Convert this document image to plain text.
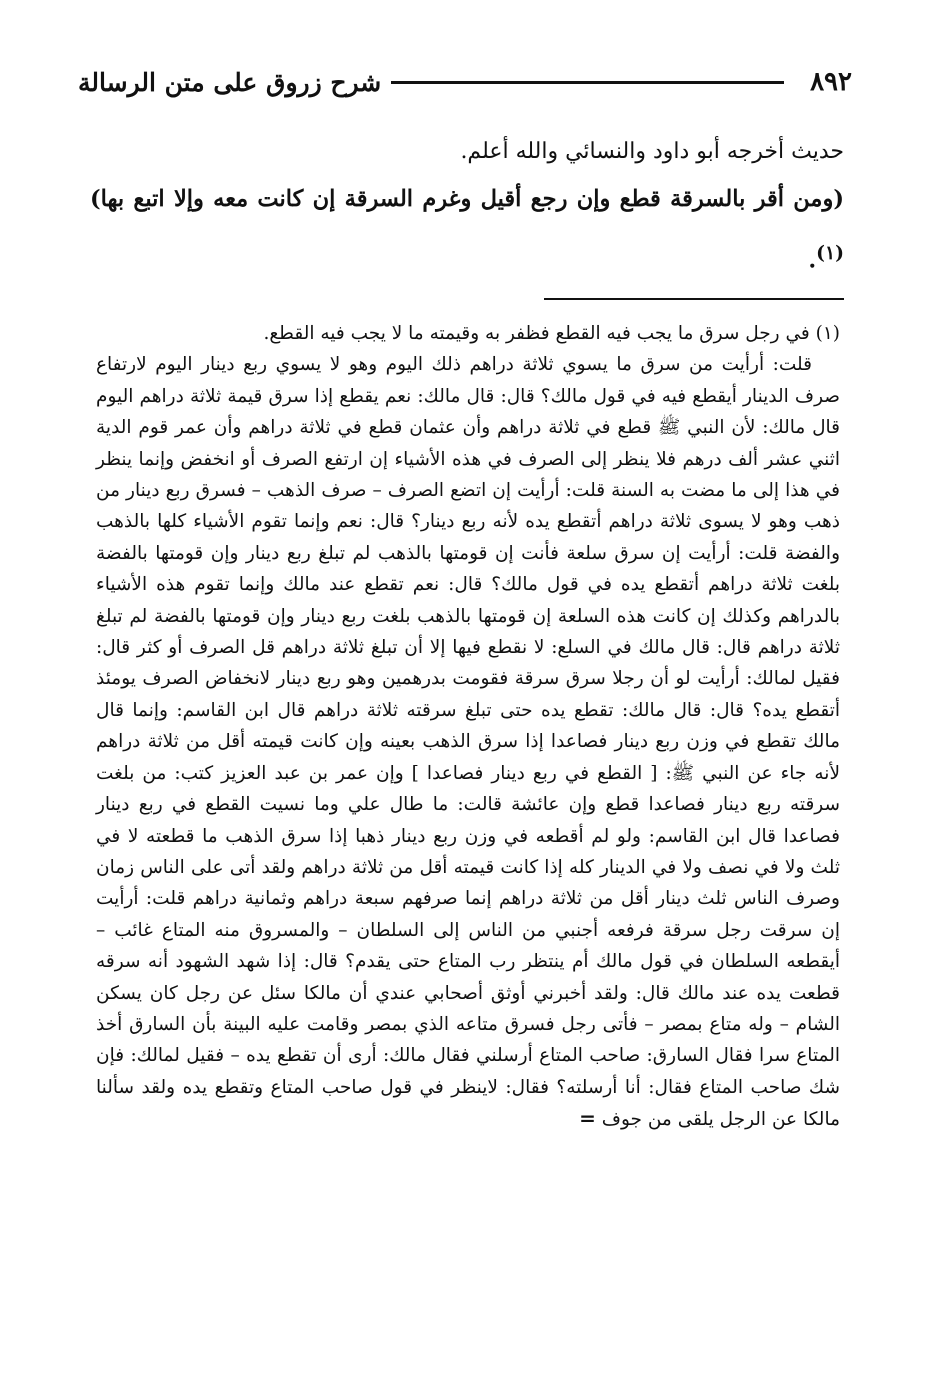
٨٩٢
شرح زروق على متن الرسالة

حديث أخرجه أبو داود والنسائي والله أعلم.

(ومن أقر بالسرقة قطع وإن رجع أقيل وغرم السرقة إن كانت معه وإلا اتبع بها) $^{(١)}$.

(١) في رجل سرق ما يجب فيه القطع فظفر به وقيمته ما لا يجب فيه القطع.

قلت: أرأيت من سرق ما يسوي ثلاثة دراهم ذلك اليوم وهو لا يسوي ربع دينار اليوم لارتفاع صرف الدينار أيقطع فيه في قول مالك؟ قال: قال مالك: نعم يقطع إذا سرق قيمة ثلاثة دراهم اليوم قال مالك: لأن النبي ﷺ قطع في ثلاثة دراهم وأن عثمان قطع في ثلاثة دراهم وأن عمر قوم الدية اثني عشر ألف درهم فلا ينظر إلى الصرف في هذه الأشياء إن ارتفع الصرف أو انخفض وإنما ينظر في هذا إلى ما مضت به السنة قلت: أرأيت إن اتضع الصرف – صرف الذهب – فسرق ربع دينار من ذهب وهو لا يسوى ثلاثة دراهم أتقطع يده لأنه ربع دينار؟ قال: نعم وإنما تقوم الأشياء كلها بالذهب والفضة قلت: أرأيت إن سرق سلعة فأنت إن قومتها بالذهب لم تبلغ ربع دينار وإن قومتها بالفضة بلغت ثلاثة دراهم أتقطع يده في قول مالك؟ قال: نعم تقطع عند مالك وإنما تقوم هذه الأشياء بالدراهم وكذلك إن كانت هذه السلعة إن قومتها بالذهب بلغت ربع دينار وإن قومتها بالفضة لم تبلغ ثلاثة دراهم قال: قال مالك في السلع: لا نقطع فيها إلا أن تبلغ ثلاثة دراهم قل الصرف أو كثر قال: فقيل لمالك: أرأيت لو أن رجلا سرق سرقة فقومت بدرهمين وهو ربع دينار لانخفاض الصرف يومئذ أتقطع يده؟ قال: قال مالك: تقطع يده حتى تبلغ سرقته ثلاثة دراهم قال ابن القاسم: وإنما قال مالك تقطع في وزن ربع دينار فصاعدا إذا سرق الذهب بعينه وإن كانت قيمته أقل من ثلاثة دراهم لأنه جاء عن النبي ﷺ: [ القطع في ربع دينار فصاعدا ] وإن عمر بن عبد العزيز كتب: من بلغت سرقته ربع دينار فصاعدا قطع وإن عائشة قالت: ما طال علي وما نسيت القطع في ربع دينار فصاعدا قال ابن القاسم: ولو لم أقطعه في وزن ربع دينار ذهبا إذا سرق الذهب ما قطعته لا في ثلث ولا في نصف ولا في الدينار كله إذا كانت قيمته أقل من ثلاثة دراهم ولقد أتى على الناس زمان وصرف الناس ثلث دينار أقل من ثلاثة دراهم إنما صرفهم سبعة دراهم وثمانية دراهم قلت: أرأيت إن سرقت رجل سرقة فرفعه أجنبي من الناس إلى السلطان – والمسروق منه المتاع غائب – أيقطعه السلطان في قول مالك أم ينتظر رب المتاع حتى يقدم؟ قال: إذا شهد الشهود أنه سرقه قطعت يده عند مالك قال: ولقد أخبرني أوثق أصحابي عندي أن مالكا سئل عن رجل كان يسكن الشام – وله متاع بمصر – فأتى رجل فسرق متاعه الذي بمصر وقامت عليه البينة بأن السارق أخذ المتاع سرا فقال السارق: صاحب المتاع أرسلني فقال مالك: أرى أن تقطع يده – فقيل لمالك: فإن شك صاحب المتاع فقال: أنا أرسلته؟ فقال: لاينظر في قول صاحب المتاع وتقطع يده ولقد سألنا مالكا عن الرجل يلقى من جوف =
